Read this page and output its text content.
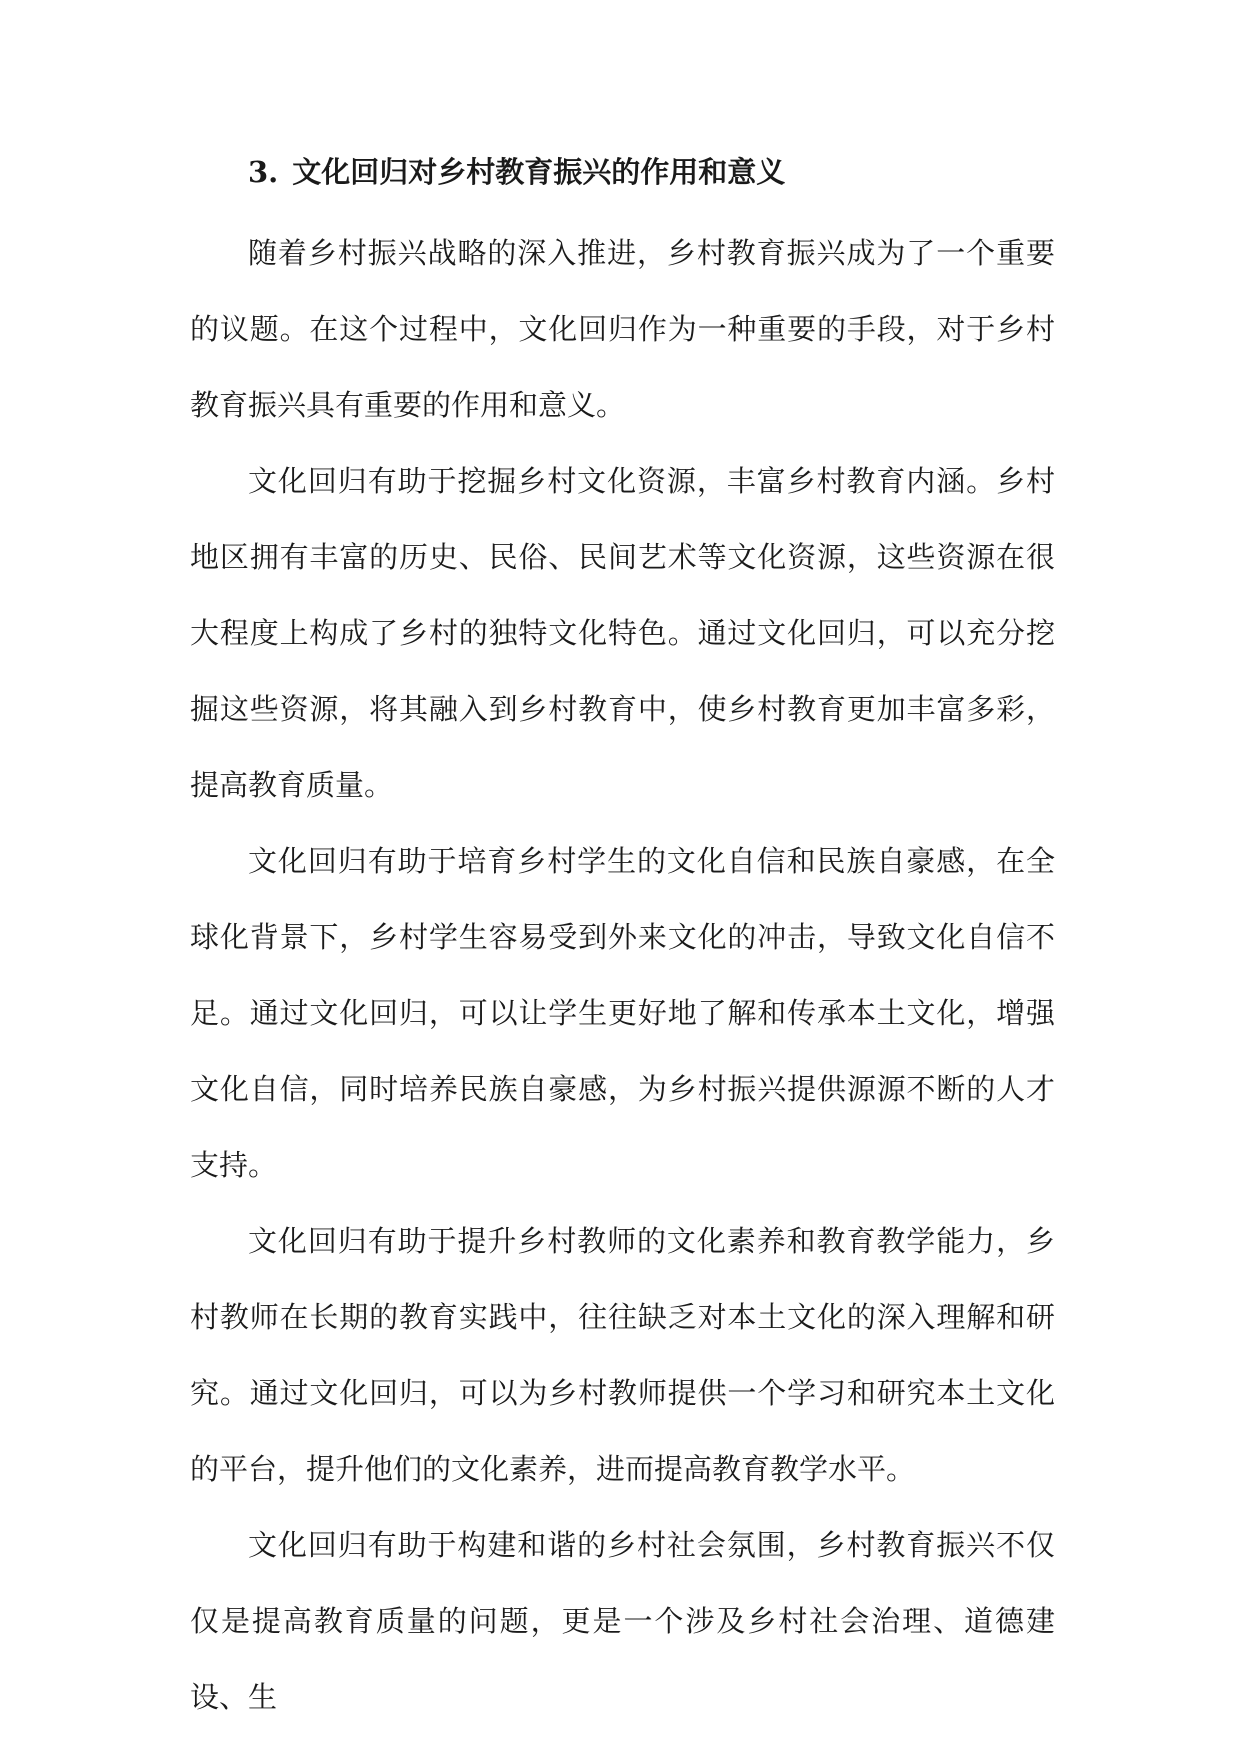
3. 文化回归对乡村教育振兴的作用和意义

随着乡村振兴战略的深入推进，乡村教育振兴成为了一个重要的议题。在这个过程中，文化回归作为一种重要的手段，对于乡村教育振兴具有重要的作用和意义。

文化回归有助于挖掘乡村文化资源，丰富乡村教育内涵。乡村地区拥有丰富的历史、民俗、民间艺术等文化资源，这些资源在很大程度上构成了乡村的独特文化特色。通过文化回归，可以充分挖掘这些资源，将其融入到乡村教育中，使乡村教育更加丰富多彩，提高教育质量。

文化回归有助于培育乡村学生的文化自信和民族自豪感，在全球化背景下，乡村学生容易受到外来文化的冲击，导致文化自信不足。通过文化回归，可以让学生更好地了解和传承本土文化，增强文化自信，同时培养民族自豪感，为乡村振兴提供源源不断的人才支持。

文化回归有助于提升乡村教师的文化素养和教育教学能力，乡村教师在长期的教育实践中，往往缺乏对本土文化的深入理解和研究。通过文化回归，可以为乡村教师提供一个学习和研究本土文化的平台，提升他们的文化素养，进而提高教育教学水平。

文化回归有助于构建和谐的乡村社会氛围，乡村教育振兴不仅仅是提高教育质量的问题，更是一个涉及乡村社会治理、道德建设、生
